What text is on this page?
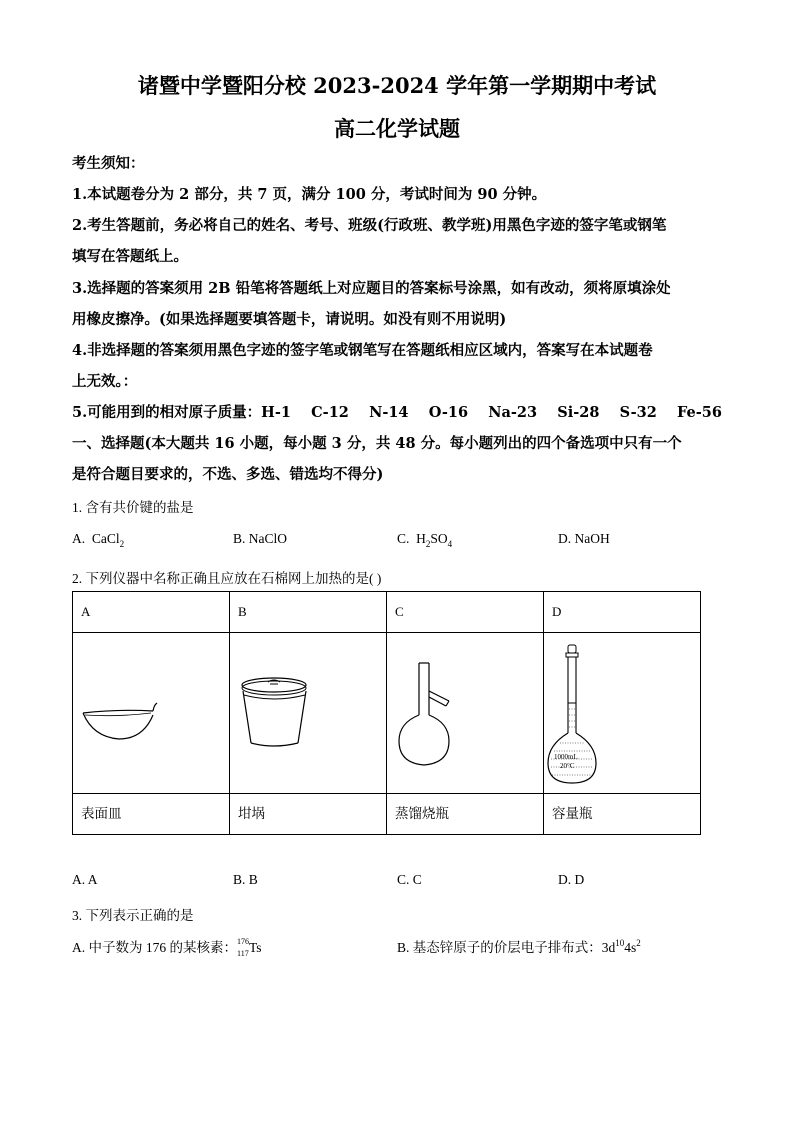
诸暨中学暨阳分校 2023-2024 学年第一学期期中考试
高二化学试题
考生须知：
1.本试题卷分为 2 部分，共 7 页，满分 100 分，考试时间为 90 分钟。
2.考生答题前，务必将自己的姓名、考号、班级(行政班、教学班)用黑色字迹的签字笔或钢笔
填写在答题纸上。
3.选择题的答案须用 2B 铅笔将答题纸上对应题目的答案标号涂黑，如有改动，须将原填涂处
用橡皮擦净。(如果选择题要填答题卡，请说明。如没有则不用说明)
4.非选择题的答案须用黑色字迹的签字笔或钢笔写在答题纸相应区域内，答案写在本试题卷
上无效。：
5.可能用到的相对原子质量：H-1    C-12    N-14    O-16    Na-23    Si-28    S-32    Fe-56
一、选择题(本大题共 16 小题，每小题 3 分，共 48 分。每小题列出的四个备选项中只有一个
是符合题目要求的，不选、多选、错选均不得分)
1. 含有共价键的盐是
A. CaCl$_2$	B. NaClO	C. $H_2SO_4$	D. NaOH
2. 下列仪器中名称正确且应放在石棉网上加热的是( )
A	B	C	D

1000mL
20°C

表面皿	坩埚	蒸馏烧瓶	容量瓶
A. A	B. B	C. C	D. D
3. 下列表示正确的是
A. 中子数为 176 的某核素： 176
117 Ts	B. 基态锌原子的价层电子排布式：$3d^{10}4s^2$
